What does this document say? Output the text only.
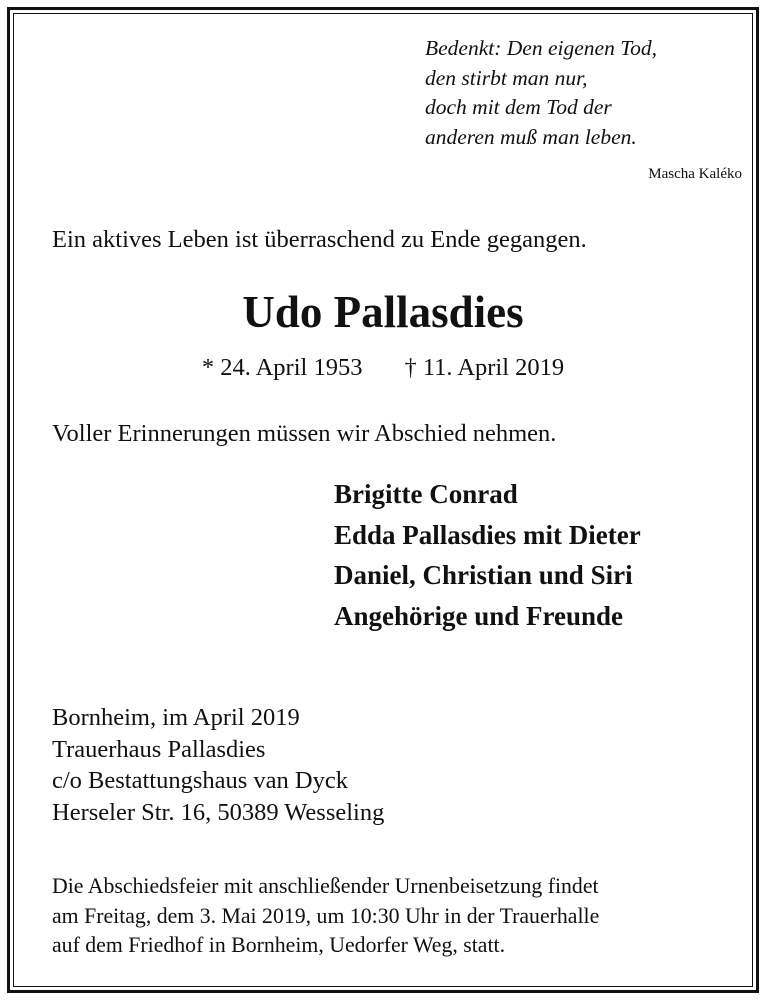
Bedenkt: Den eigenen Tod,
den stirbt man nur,
doch mit dem Tod der
anderen muß man leben.
Mascha Kaléko
Ein aktives Leben ist überraschend zu Ende gegangen.
Udo Pallasdies
* 24. April 1953 † 11. April 2019
Voller Erinnerungen müssen wir Abschied nehmen.
Brigitte Conrad
Edda Pallasdies mit Dieter
Daniel, Christian und Siri
Angehörige und Freunde
Bornheim, im April 2019
Trauerhaus Pallasdies
c/o Bestattungshaus van Dyck
Herseler Str. 16, 50389 Wesseling
Die Abschiedsfeier mit anschließender Urnenbeisetzung findet
am Freitag, dem 3. Mai 2019, um 10:30 Uhr in der Trauerhalle
auf dem Friedhof in Bornheim, Uedorfer Weg, statt.
